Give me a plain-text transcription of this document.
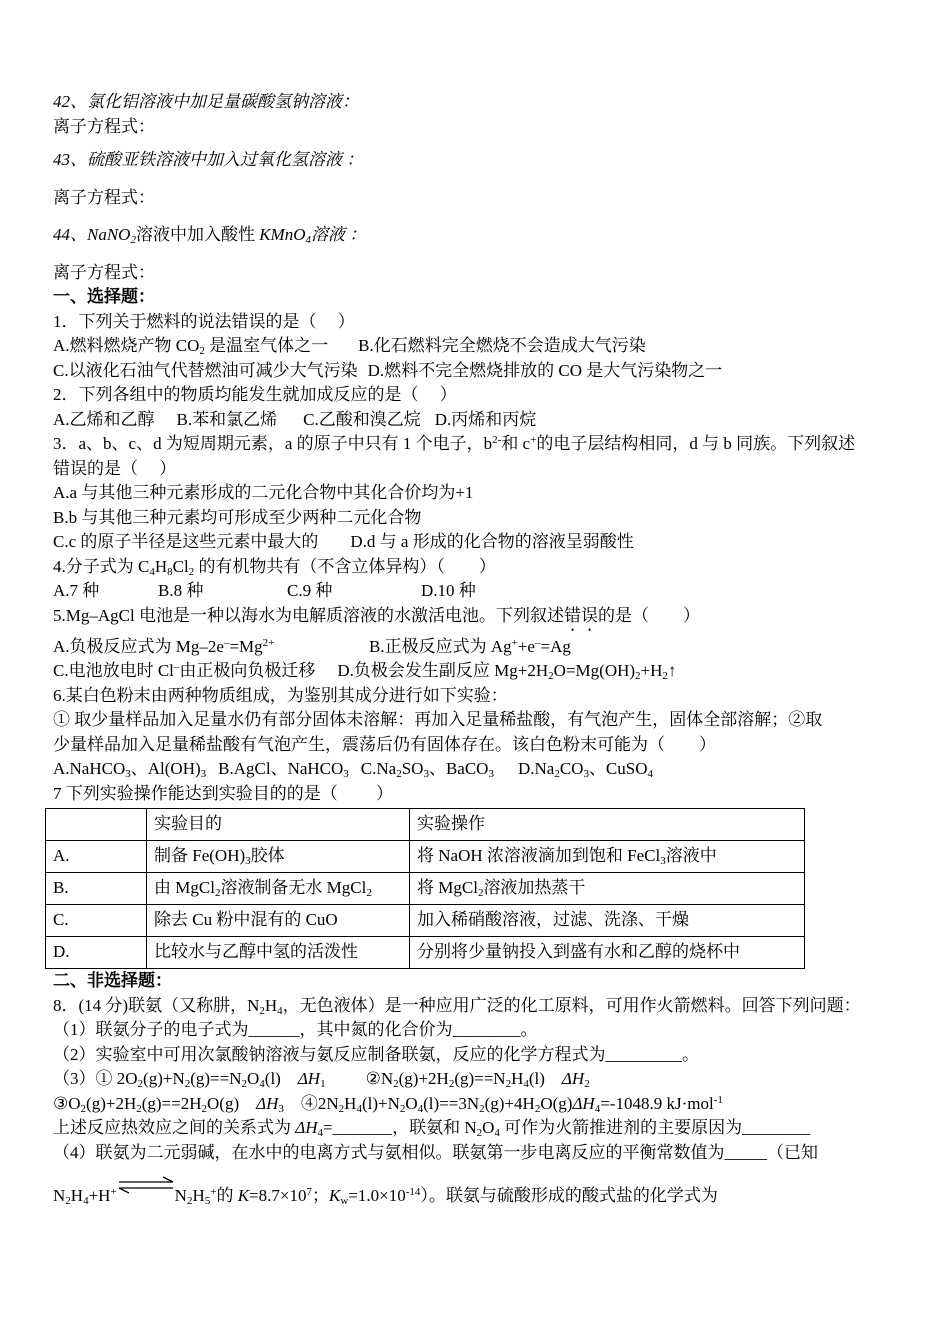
42、氯化铝溶液中加足量碳酸氢钠溶液：
离子方程式：
43、硫酸亚铁溶液中加入过氧化氢溶液 ：
离子方程式：
44、NaNO$_2$溶液中加入酸性 KMnO$_4$溶液 ：
离子方程式：
一、选择题：
1．下列关于燃料的说法错误的是（　 ）
A.燃料燃烧产物 $CO_2$ 是温室气体之一 B.化石燃料完全燃烧不会造成大气污染
C.以液化石油气代替燃油可减少大气污染 D.燃料不完全燃烧排放的 CO 是大气污染物之一
2．下列各组中的物质均能发生就加成反应的是（　 ）
A.乙烯和乙醇 B.苯和氯乙烯 C.乙酸和溴乙烷 D.丙烯和丙烷
3．a、b、c、d 为短周期元素，a 的原子中只有 1 个电子，$b^{2-}$和 c+的电子层结构相同，d 与 b 同族。下列叙述
错误的是（　 ）
A.a 与其他三种元素形成的二元化合物中其化合价均为+1
B.b 与其他三种元素均可形成至少两种二元化合物
C.c 的原子半径是这些元素中最大的 D.d 与 a 形成的化合物的溶液呈弱酸性
4.分子式为 $C_4H_8Cl_2$ 的有机物共有（不含立体异构）（　　）
A.7 种	B.8 种	C.9 种	D.10 种
5.Mg–AgCl 电池是一种以海水为电解质溶液的水激活电池。下列叙述错误的是（　　）
A.负极反应式为 $Mg-2e^-=Mg^{2+}$	B.正极反应式为 Ag++e–=Ag
C.电池放电时 Cl–由正极向负极迁移 D.负极会发生副反应 $Mg+2H_2O=Mg(OH)_2+H_2↑$
6.某白色粉末由两种物质组成，为鉴别其成分进行如下实验：
① 取少量样品加入足量水仍有部分固体未溶解：再加入足量稀盐酸，有气泡产生，固体全部溶解；②取
少量样品加入足量稀盐酸有气泡产生，震荡后仍有固体存在。该白色粉末可能为（　　）
A.NaHCO$_3$、$Al(OH)_3$ B.AgCl、NaHCO$_3$ $C.Na_2SO_3$、BaCO$_3$ $D.Na_2CO_3$、CuSO$_4$
7 下列实验操作能达到实验目的的是（　　 ）
	实验目的	实验操作
A.	制备 $Fe(OH)_3$胶体	将 NaOH 浓溶液滴加到饱和 FeCl$_3$溶液中
B.	由 MgCl$_2$溶液制备无水 MgCl$_2$	将 MgCl$_2$溶液加热蒸干
C.	除去 Cu 粉中混有的 CuO	加入稀硝酸溶液，过滤、洗涤、干燥
D.	比较水与乙醇中氢的活泼性	分别将少量钠投入到盛有水和乙醇的烧杯中
二、非选择题：
8．(14 分)联氨（又称肼，$N_2H_4$，无色液体）是一种应用广泛的化工原料，可用作火箭燃料。回答下列问题：
（1）联氨分子的电子式为______，其中氮的化合价为________。
（2）实验室中可用次氯酸钠溶液与氨反应制备联氨，反应的化学方程式为_________。
（3）① $2O_2(g)+N_2(g)==N_2O_4(l)$　$\Delta H_1$ $②N_2(g)+2H_2(g)==N_2H_4(l)$　$\Delta H_2$
$③O_2(g)+2H_2(g)==2H_2O(g)$　$\Delta H_3$　$④2N_2H_4(l)+N_2O_4(l)==3N_2(g)+4H_2O(g)\Delta H_4=-1048.9$ kJ·mol$^{-1}$
上述反应热效应之间的关系式为 $\Delta H_4=\_\_\_\_\_\_\_$，联氨和 $N_2O_4$ 可作为火箭推进剂的主要原因为________
（4）联氨为二元弱碱，在水中的电离方式与氨相似。联氨第一步电离反应的平衡常数值为_____（已知
$N_2H_4+H^+\rightleftharpoons N_2H_5^+$的 $K=8.7\times 10^7$；$K_w=1.0\times 10^{-14}$）。联氨与硫酸形成的酸式盐的化学式为
